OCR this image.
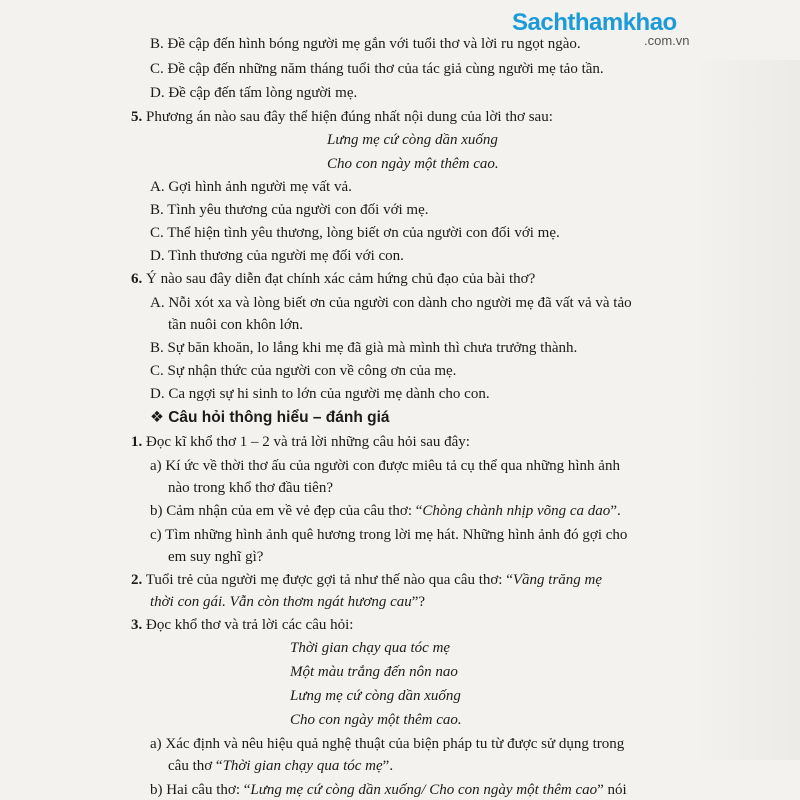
Sachthamkhao
.com.vn
B. Đề cập đến hình bóng người mẹ gắn với tuổi thơ và lời ru ngọt ngào.
C. Đề cập đến những năm tháng tuổi thơ của tác giả cùng người mẹ tảo tần.
D. Đề cập đến tấm lòng người mẹ.
5. Phương án nào sau đây thể hiện đúng nhất nội dung của lời thơ sau:
Lưng mẹ cứ còng dần xuống
Cho con ngày một thêm cao.
A. Gợi hình ảnh người mẹ vất vả.
B. Tình yêu thương của người con đối với mẹ.
C. Thể hiện tình yêu thương, lòng biết ơn của người con đối với mẹ.
D. Tình thương của người mẹ đối với con.
6. Ý nào sau đây diễn đạt chính xác cảm hứng chủ đạo của bài thơ?
A. Nỗi xót xa và lòng biết ơn của người con dành cho người mẹ đã vất vả và tảo
tần nuôi con khôn lớn.
B. Sự băn khoăn, lo lắng khi mẹ đã già mà mình thì chưa trưởng thành.
C. Sự nhận thức của người con về công ơn của mẹ.
D. Ca ngợi sự hi sinh to lớn của người mẹ dành cho con.
❖ Câu hỏi thông hiểu – đánh giá
1. Đọc kĩ khổ thơ 1 – 2 và trả lời những câu hỏi sau đây:
a) Kí ức về thời thơ ấu của người con được miêu tả cụ thể qua những hình ảnh
nào trong khổ thơ đầu tiên?
b) Cảm nhận của em về vẻ đẹp của câu thơ: “Chòng chành nhịp võng ca dao”.
c) Tìm những hình ảnh quê hương trong lời mẹ hát. Những hình ảnh đó gợi cho
em suy nghĩ gì?
2. Tuổi trẻ của người mẹ được gợi tả như thế nào qua câu thơ: “Vầng trăng mẹ
thời con gái. Vẫn còn thơm ngát hương cau”?
3. Đọc khổ thơ và trả lời các câu hỏi:
Thời gian chạy qua tóc mẹ
Một màu trắng đến nôn nao
Lưng mẹ cứ còng dần xuống
Cho con ngày một thêm cao.
a) Xác định và nêu hiệu quả nghệ thuật của biện pháp tu từ được sử dụng trong
câu thơ “Thời gian chạy qua tóc mẹ”.
b) Hai câu thơ: “Lưng mẹ cứ còng dần xuống/ Cho con ngày một thêm cao” nói
